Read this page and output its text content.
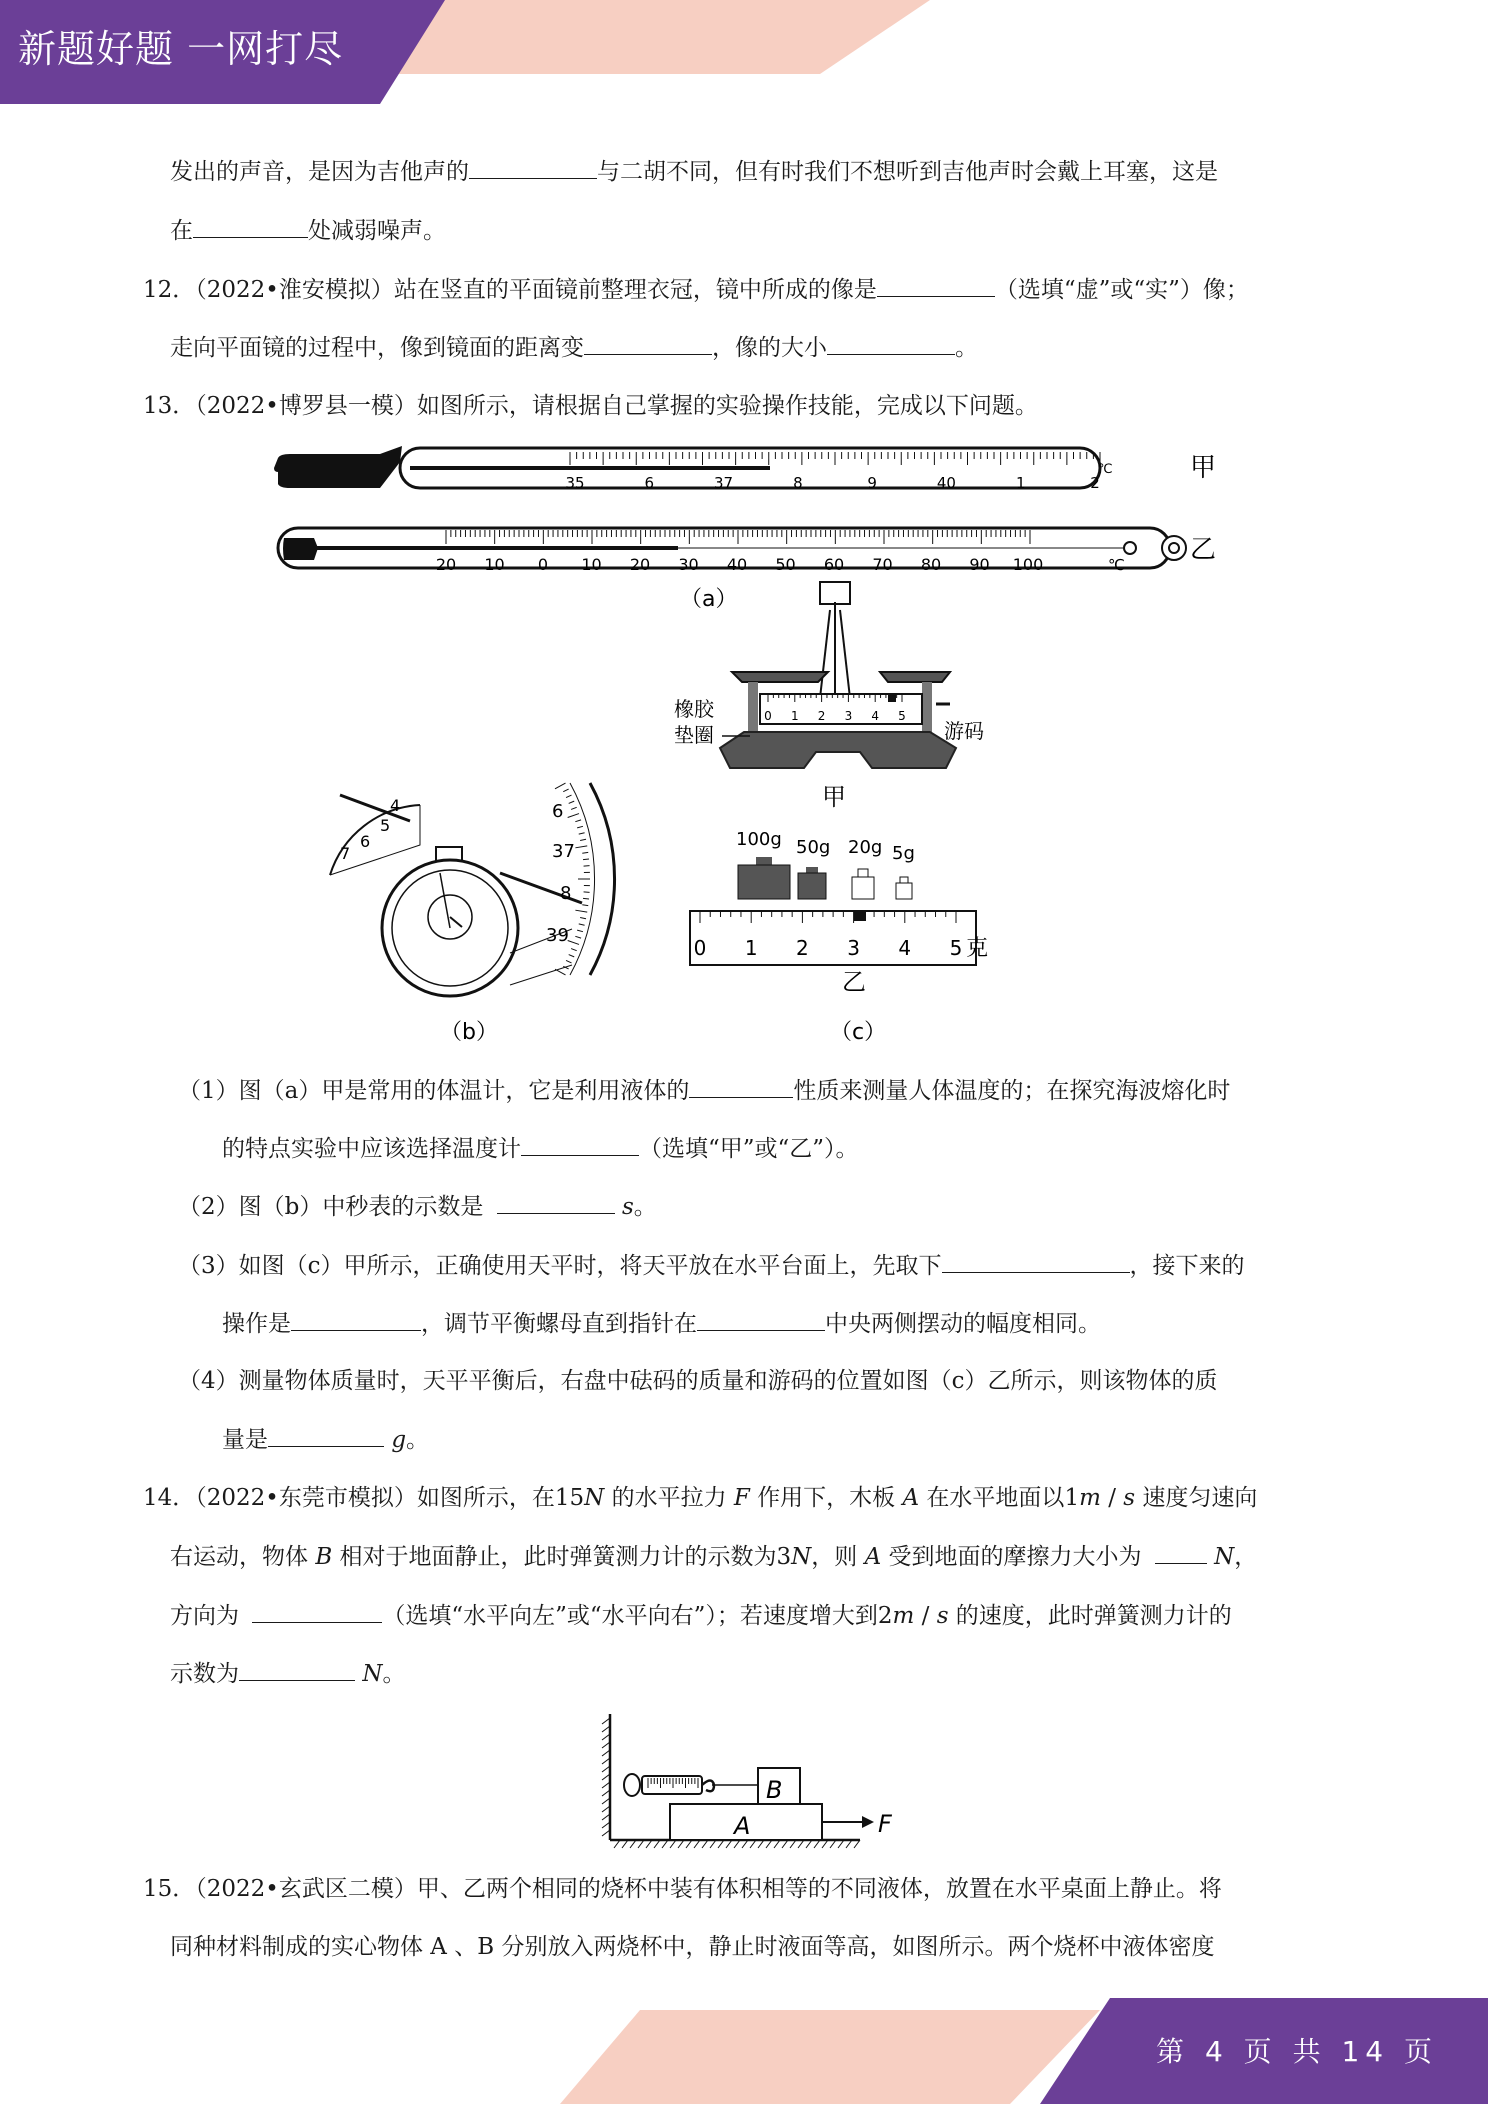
新题好题 一网打尽
发出的声音，是因为吉他声的	与二胡不同，但有时我们不想听到吉他声时会戴上耳塞，这是
在	处减弱噪声。
12．（2022•淮安模拟）站在竖直的平面镜前整理衣冠，镜中所成的像是	（选填“虚”或“实”）像；
走向平面镜的过程中，像到镜面的距离变	，像的大小	。
13．（2022•博罗县一模）如图所示，请根据自己掌握的实验操作技能，完成以下问题。
35	6	37	8	9	40	1	2
℃	甲
20 10 0 10 20 30 40 50 60 70 80 90 100	℃	乙
（a）
0 1 2 3 4 5
橡胶
垫圈	游码
甲
4
5
6
7
6
37
8
39
（b）
100g 50g 20g 5g
0 1 2 3 4 5 克
乙
（c）
（1）图（a）甲是常用的体温计，它是利用液体的	性质来测量人体温度的；在探究海波熔化时
的特点实验中应该选择温度计	（选填“甲”或“乙”）。
（2）图（b）中秒表的示数是	s。
（3）如图（c）甲所示，正确使用天平时，将天平放在水平台面上，先取下	，接下来的
操作是	，调节平衡螺母直到指针在	中央两侧摆动的幅度相同。
（4）测量物体质量时，天平平衡后，右盘中砝码的质量和游码的位置如图（c）乙所示，则该物体的质
量是	g。
14．（2022•东莞市模拟）如图所示，在15N 的水平拉力 F 作用下，木板 A 在水平地面以1m / s 速度匀速向
右运动，物体 B 相对于地面静止，此时弹簧测力计的示数为3N，则 A 受到地面的摩擦力大小为	N，
方向为	（选填“水平向左”或“水平向右”）；若速度增大到2m / s 的速度，此时弹簧测力计的
示数为	N。
B
A	F
15．（2022•玄武区二模）甲、乙两个相同的烧杯中装有体积相等的不同液体，放置在水平桌面上静止。将
同种材料制成的实心物体 A 、B 分别放入两烧杯中，静止时液面等高，如图所示。两个烧杯中液体密度
第 4 页 共 14 页
